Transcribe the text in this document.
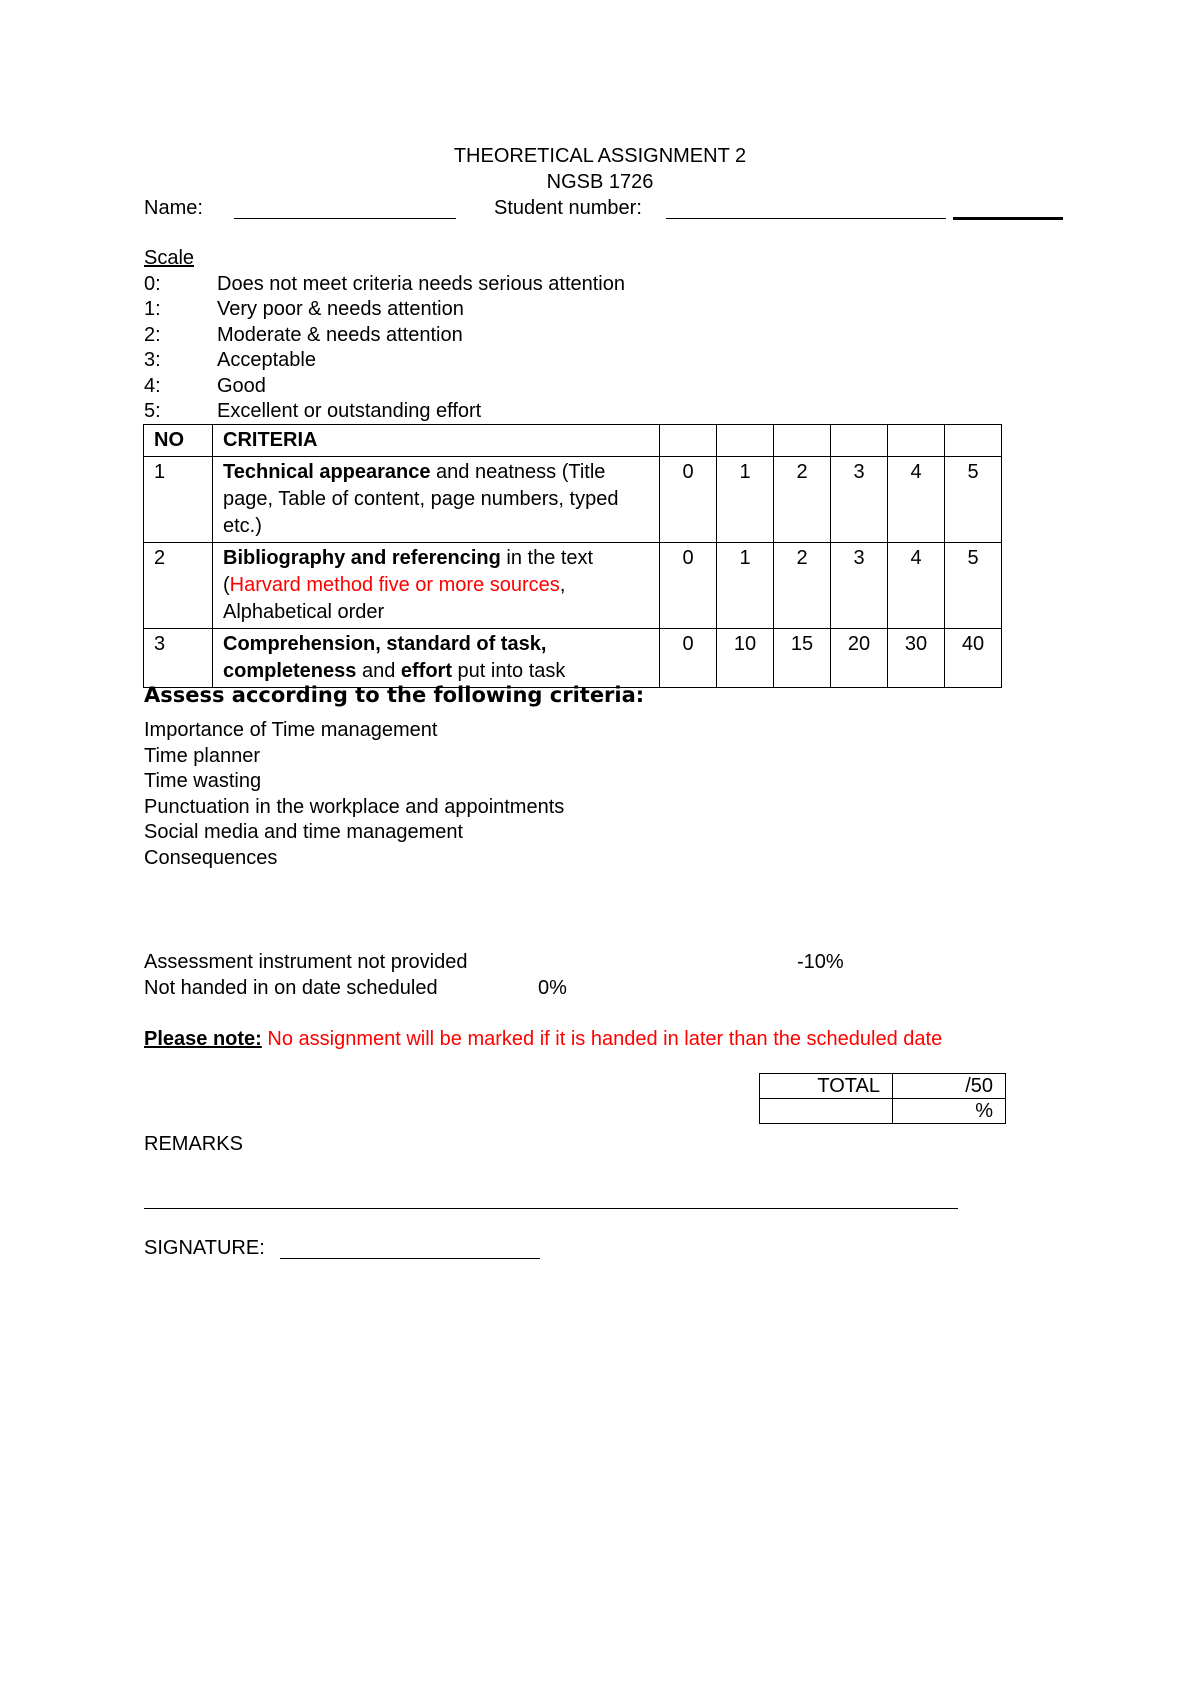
THEORETICAL ASSIGNMENT 2
NGSB 1726
Name:	Student number:
Scale
0:	Does not meet criteria needs serious attention
1:	Very poor & needs attention
2:	Moderate & needs attention
3:	Acceptable
4:	Good
5:	Excellent or outstanding effort
NO	CRITERIA						
1	Technical appearance and neatness (Title page, Table of content, page numbers, typed etc.)	0	1	2	3	4	5
2	Bibliography and referencing in the text (Harvard method five or more sources, Alphabetical order	0	1	2	3	4	5
3	Comprehension, standard of task, completeness and effort put into task	0	10	15	20	30	40
Assess according to the following criteria:
Importance of Time management
Time planner
Time wasting
Punctuation in the workplace and appointments
Social media and time management
Consequences
Assessment instrument not provided	-10%
Not handed in on date scheduled	0%
Please note: No assignment will be marked if it is handed in later than the scheduled date
TOTAL	/50
	%
REMARKS
SIGNATURE:
